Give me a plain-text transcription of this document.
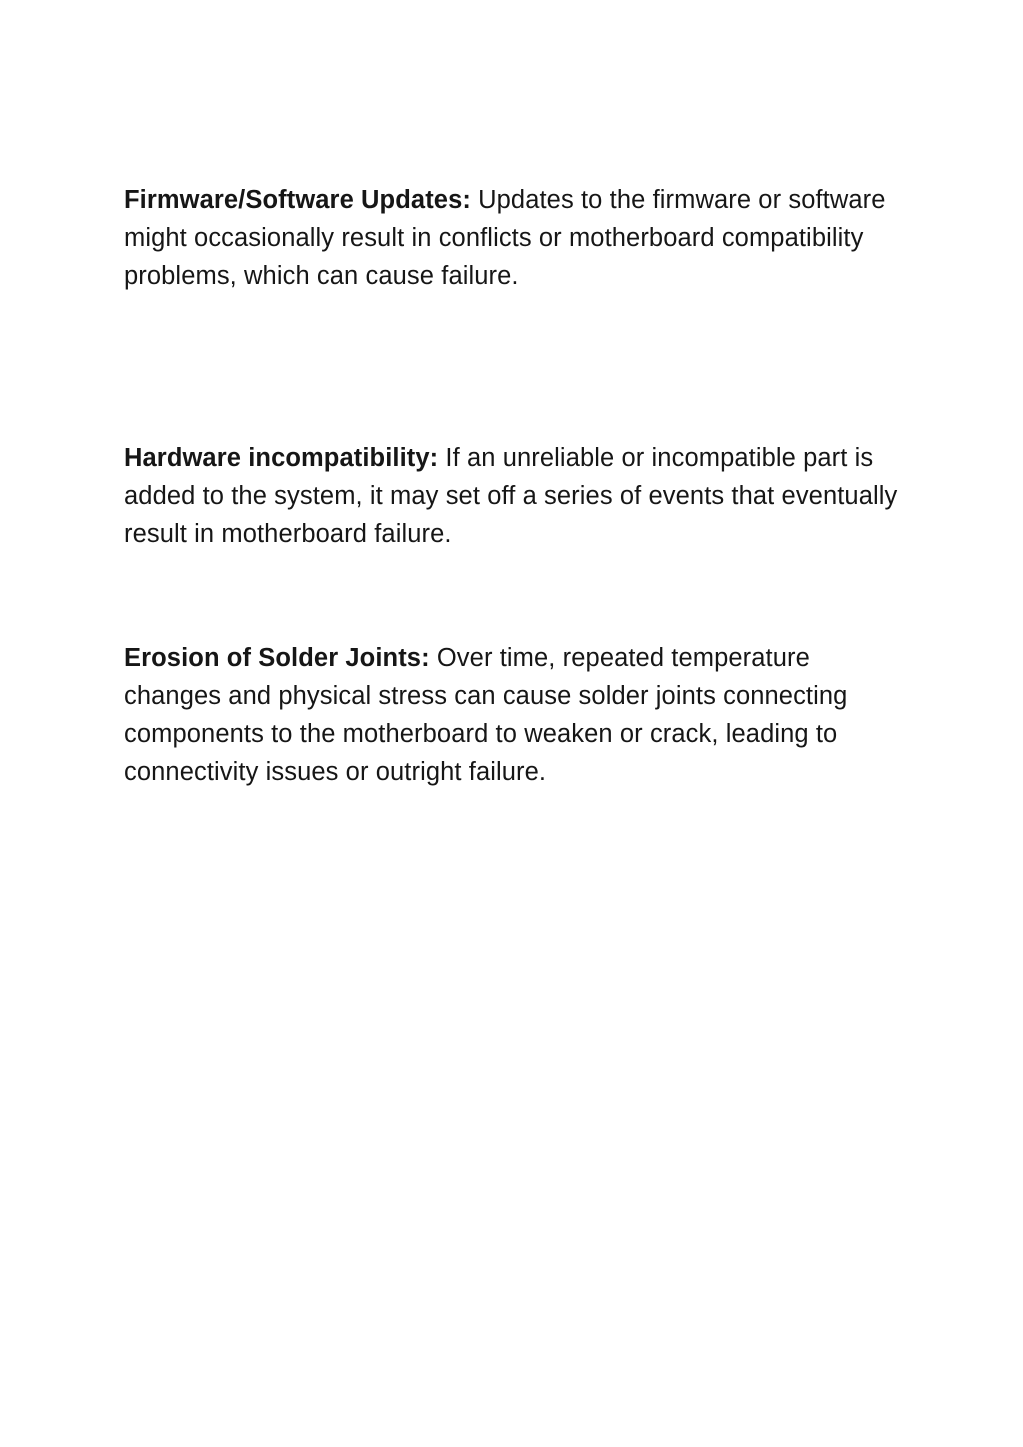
Firmware/Software Updates: Updates to the firmware or software might occasionally result in conflicts or motherboard compatibility problems, which can cause failure.

Hardware incompatibility: If an unreliable or incompatible part is added to the system, it may set off a series of events that eventually result in motherboard failure.

Erosion of Solder Joints: Over time, repeated temperature changes and physical stress can cause solder joints connecting components to the motherboard to weaken or crack, leading to connectivity issues or outright failure.
